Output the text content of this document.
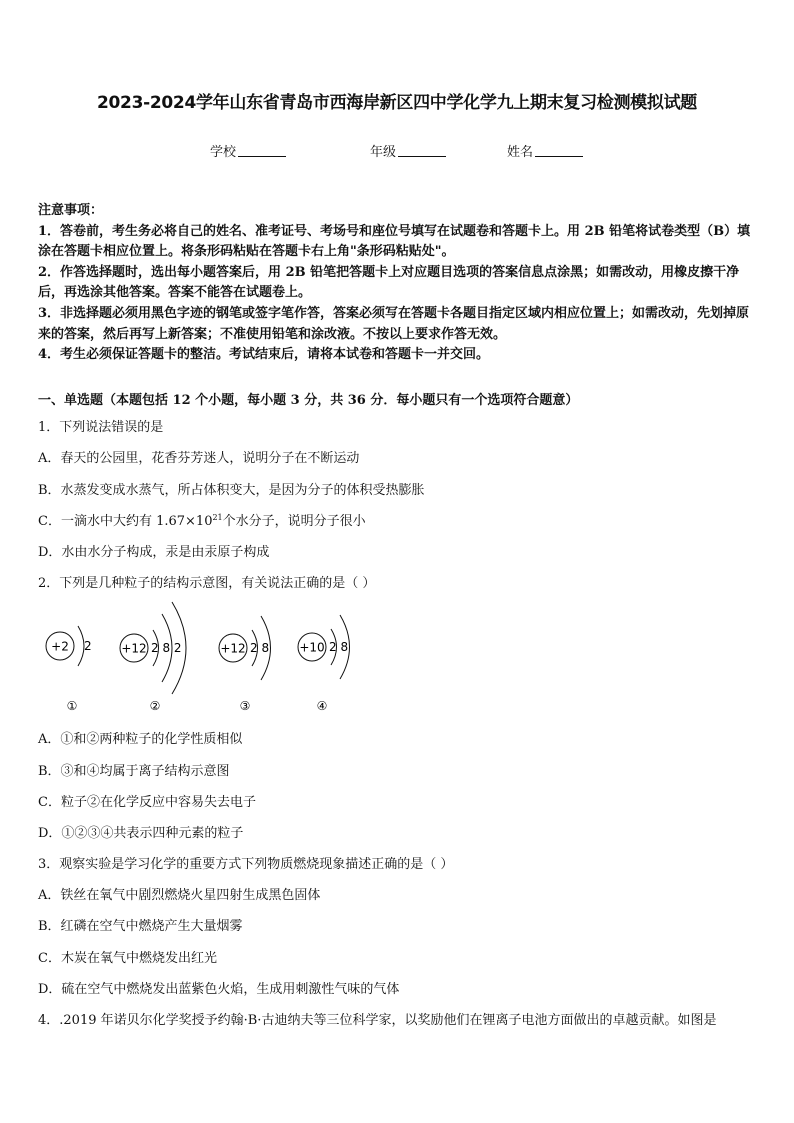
2023-2024学年山东省青岛市西海岸新区四中学化学九上期末复习检测模拟试题
学校	年级	姓名
注意事项：
1．答卷前，考生务必将自己的姓名、准考证号、考场号和座位号填写在试题卷和答题卡上。用 2B 铅笔将试卷类型（B）填涂在答题卡相应位置上。将条形码粘贴在答题卡右上角"条形码粘贴处"。
2．作答选择题时，选出每小题答案后，用 2B 铅笔把答题卡上对应题目选项的答案信息点涂黑；如需改动，用橡皮擦干净后，再选涂其他答案。答案不能答在试题卷上。
3．非选择题必须用黑色字迹的钢笔或签字笔作答，答案必须写在答题卡各题目指定区域内相应位置上；如需改动，先划掉原来的答案，然后再写上新答案；不准使用铅笔和涂改液。不按以上要求作答无效。
4．考生必须保证答题卡的整洁。考试结束后，请将本试卷和答题卡一并交回。
一、单选题（本题包括 12 个小题，每小题 3 分，共 36 分．每小题只有一个选项符合题意）
1．下列说法错误的是
A．春天的公园里，花香芬芳迷人，说明分子在不断运动
B．水蒸发变成水蒸气，所占体积变大，是因为分子的体积受热膨胀
C．一滴水中大约有 $1.67\times 10^{21}$个水分子，说明分子很小
D．水由水分子构成，汞是由汞原子构成
2．下列是几种粒子的结构示意图，有关说法正确的是（ ）
+2 2
①
+12 2 8 2
②
+12 2 8
③
+10 2 8
④
A．①和②两种粒子的化学性质相似
B．③和④均属于离子结构示意图
C．粒子②在化学反应中容易失去电子
D．①②③④共表示四种元素的粒子
3．观察实验是学习化学的重要方式下列物质燃烧现象描述正确的是（ ）
A．铁丝在氧气中剧烈燃烧火星四射生成黑色固体
B．红磷在空气中燃烧产生大量烟雾
C．木炭在氧气中燃烧发出红光
D．硫在空气中燃烧发出蓝紫色火焰，生成用刺激性气味的气体
4．.2019 年诺贝尔化学奖授予约翰·B·古迪纳夫等三位科学家，以奖励他们在锂离子电池方面做出的卓越贡献。如图是
